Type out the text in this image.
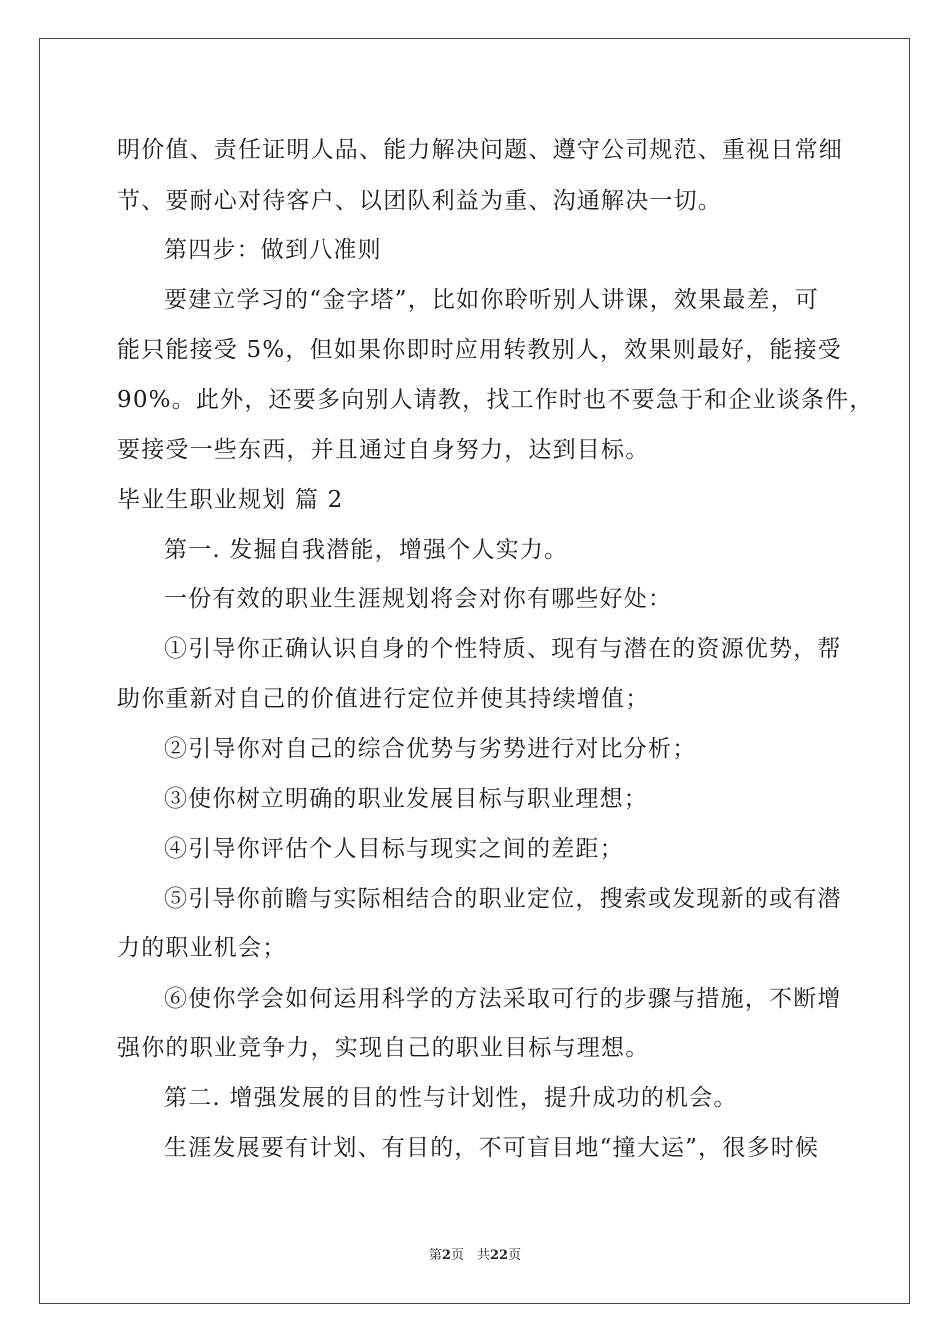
明价值、责任证明人品、能力解决问题、遵守公司规范、重视日常细
节、要耐心对待客户、以团队利益为重、沟通解决一切。
第四步：做到八准则
要建立学习的“金字塔”，比如你聆听别人讲课，效果最差，可
能只能接受 5%，但如果你即时应用转教别人，效果则最好，能接受
90%。此外，还要多向别人请教，找工作时也不要急于和企业谈条件，
要接受一些东西，并且通过自身努力，达到目标。
毕业生职业规划 篇 2
第一. 发掘自我潜能，增强个人实力。
一份有效的职业生涯规划将会对你有哪些好处：
①引导你正确认识自身的个性特质、现有与潜在的资源优势，帮
助你重新对自己的价值进行定位并使其持续增值；
②引导你对自己的综合优势与劣势进行对比分析；
③使你树立明确的职业发展目标与职业理想；
④引导你评估个人目标与现实之间的差距；
⑤引导你前瞻与实际相结合的职业定位，搜索或发现新的或有潜
力的职业机会；
⑥使你学会如何运用科学的方法采取可行的步骤与措施，不断增
强你的职业竞争力，实现自己的职业目标与理想。
第二. 增强发展的目的性与计划性，提升成功的机会。
生涯发展要有计划、有目的，不可盲目地“撞大运”，很多时候
第2页　共22页
